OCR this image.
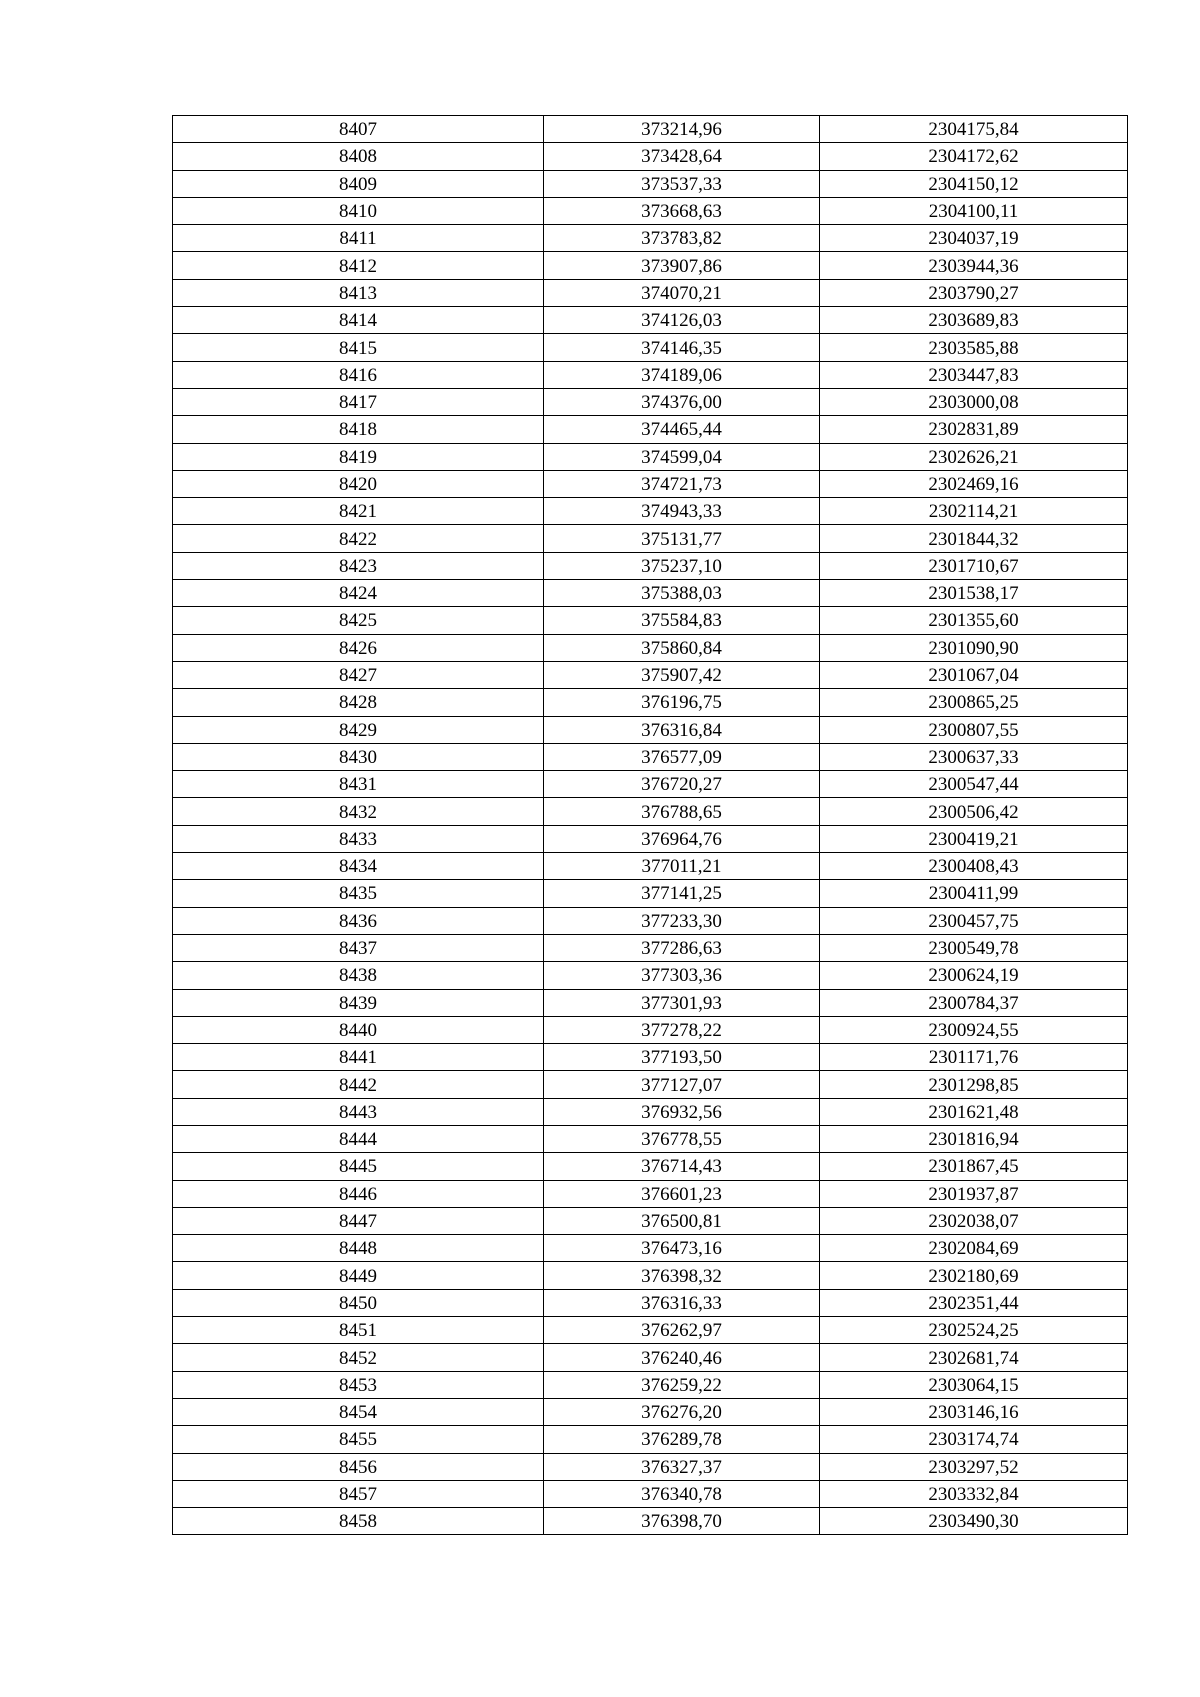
8407	373214,96	2304175,84
8408	373428,64	2304172,62
8409	373537,33	2304150,12
8410	373668,63	2304100,11
8411	373783,82	2304037,19
8412	373907,86	2303944,36
8413	374070,21	2303790,27
8414	374126,03	2303689,83
8415	374146,35	2303585,88
8416	374189,06	2303447,83
8417	374376,00	2303000,08
8418	374465,44	2302831,89
8419	374599,04	2302626,21
8420	374721,73	2302469,16
8421	374943,33	2302114,21
8422	375131,77	2301844,32
8423	375237,10	2301710,67
8424	375388,03	2301538,17
8425	375584,83	2301355,60
8426	375860,84	2301090,90
8427	375907,42	2301067,04
8428	376196,75	2300865,25
8429	376316,84	2300807,55
8430	376577,09	2300637,33
8431	376720,27	2300547,44
8432	376788,65	2300506,42
8433	376964,76	2300419,21
8434	377011,21	2300408,43
8435	377141,25	2300411,99
8436	377233,30	2300457,75
8437	377286,63	2300549,78
8438	377303,36	2300624,19
8439	377301,93	2300784,37
8440	377278,22	2300924,55
8441	377193,50	2301171,76
8442	377127,07	2301298,85
8443	376932,56	2301621,48
8444	376778,55	2301816,94
8445	376714,43	2301867,45
8446	376601,23	2301937,87
8447	376500,81	2302038,07
8448	376473,16	2302084,69
8449	376398,32	2302180,69
8450	376316,33	2302351,44
8451	376262,97	2302524,25
8452	376240,46	2302681,74
8453	376259,22	2303064,15
8454	376276,20	2303146,16
8455	376289,78	2303174,74
8456	376327,37	2303297,52
8457	376340,78	2303332,84
8458	376398,70	2303490,30
